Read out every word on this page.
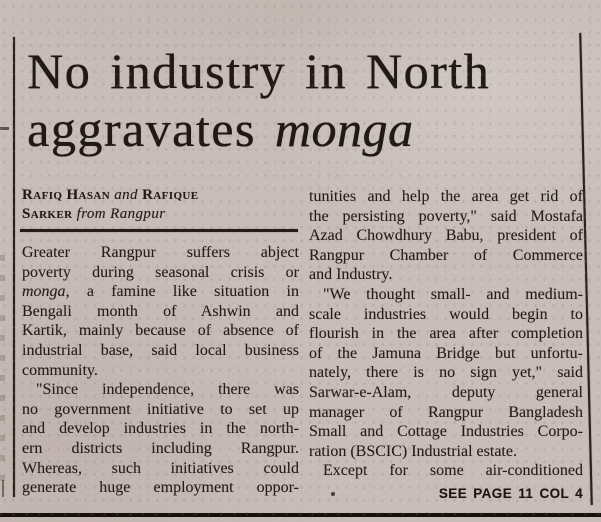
No industry in North
aggravates monga
Rafiq Hasan and Rafique
Sarker from Rangpur
Greater Rangpur suffers abject
poverty during seasonal crisis or
monga, a famine like situation in
Bengali month of Ashwin and
Kartik, mainly because of absence of
industrial base, said local business
community.
"Since independence, there was
no government initiative to set up
and develop industries in the north-
ern districts including Rangpur.
Whereas, such initiatives could
generate huge employment oppor-
tunities and help the area get rid of
the persisting poverty," said Mostafa
Azad Chowdhury Babu, president of
Rangpur Chamber of Commerce
and Industry.
"We thought small- and medium-
scale industries would begin to
flourish in the area after completion
of the Jamuna Bridge but unfortu-
nately, there is no sign yet," said
Sarwar-e-Alam, deputy general
manager of Rangpur Bangladesh
Small and Cottage Industries Corpo-
ration (BSCIC) Industrial estate.
Except for some air-conditioned
SEE PAGE 11 COL 4
